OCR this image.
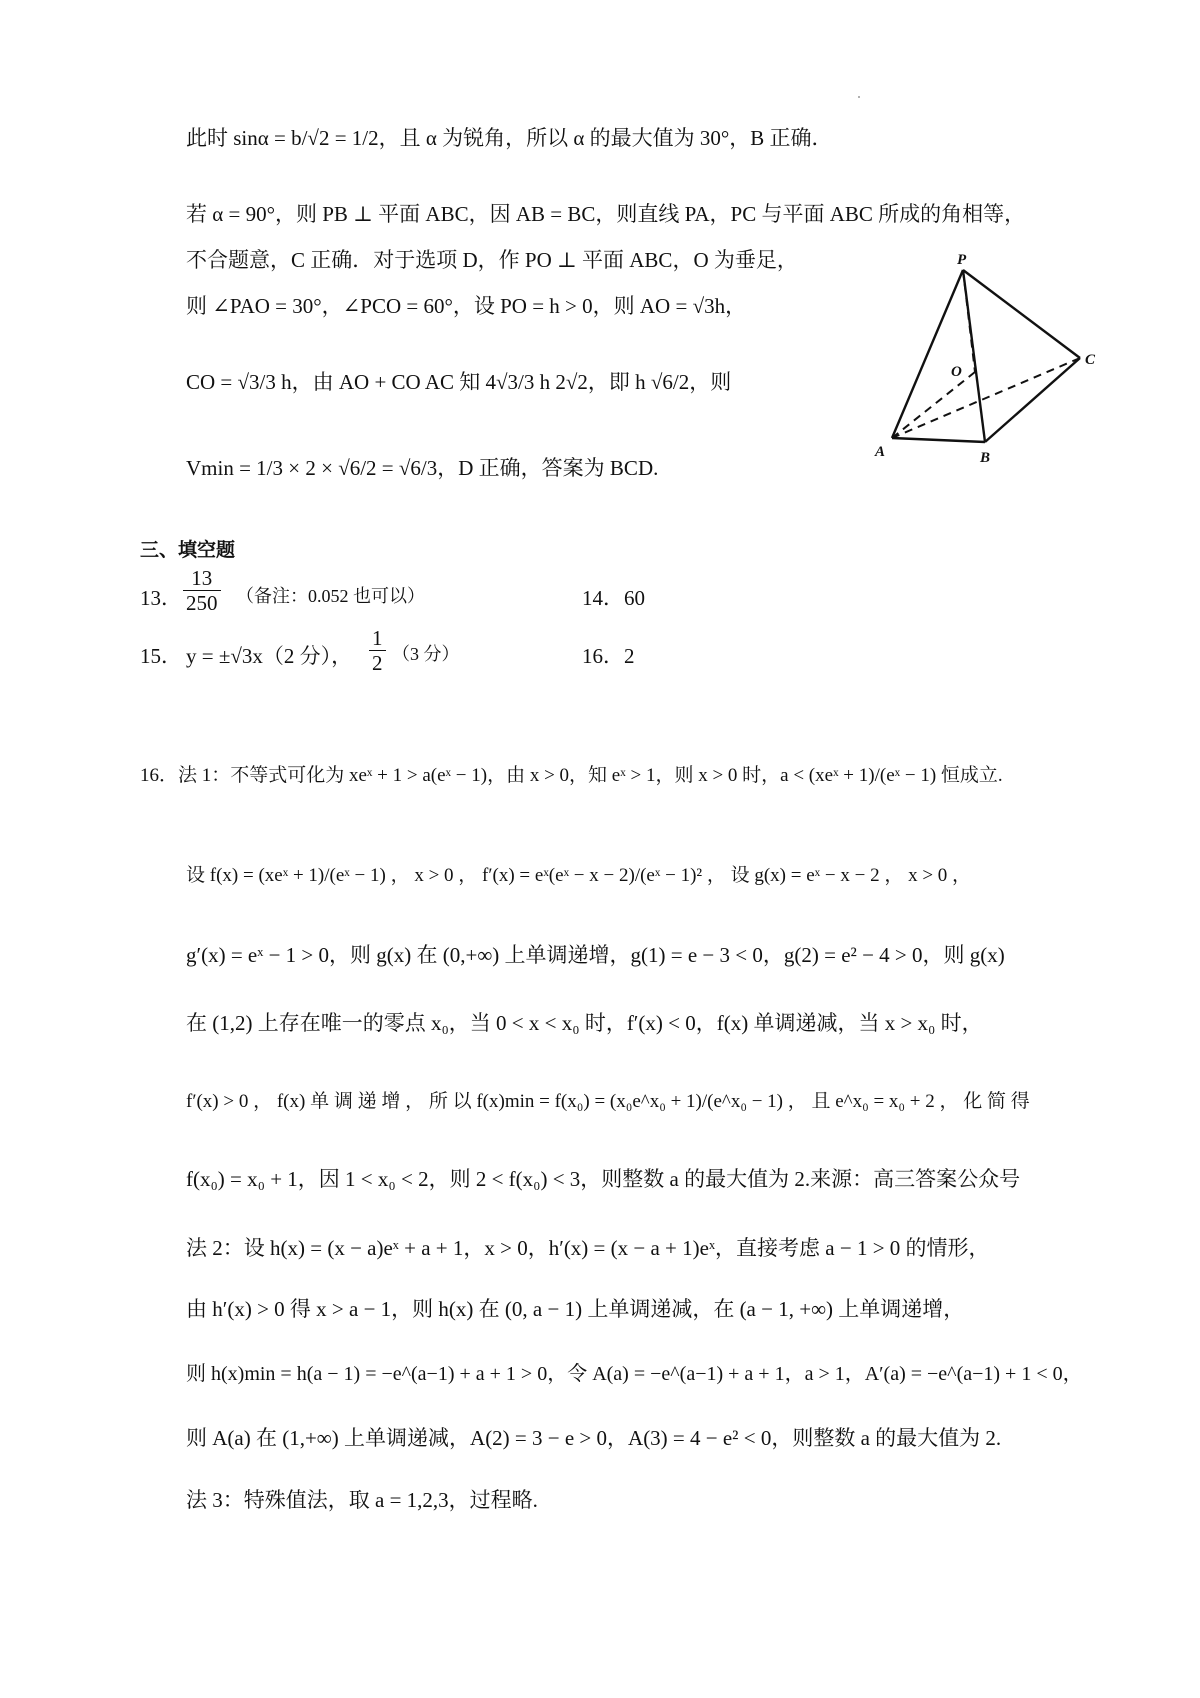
此时 sinα = b/√2 = 1/2，且 α 为锐角，所以 α 的最大值为 30°，B 正确．
若 α = 90°，则 PB ⊥ 平面 ABC，因 AB = BC，则直线 PA，PC 与平面 ABC 所成的角相等，
不合题意，C 正确．对于选项 D，作 PO ⊥ 平面 ABC，O 为垂足，
则 ∠PAO = 30°，∠PCO = 60°，设 PO = h > 0，则 AO = √3h，
CO = √3/3 h，由 AO + CO AC 知 4√3/3 h 2√2，即 h √6/2，则
Vmin = 1/3 × 2 × √6/2 = √6/3，D 正确，答案为 BCD.
P
O
C
A	B
三、填空题
13． $\frac{13}{250}$ （备注：0.052 也可以）	14．60
15． y = ±√3x（2 分）， $\frac{1}{2} (3$ 分）	16．2
16．法 1：不等式可化为 xeˣ + 1 > a(eˣ − 1)，由 x > 0，知 eˣ > 1，则 x > 0 时，a < (xeˣ + 1)/(eˣ − 1) 恒成立.
设 f(x) = (xeˣ + 1)/(eˣ − 1) ， x > 0 ， f′(x) = eˣ(eˣ − x − 2)/(eˣ − 1)² ， 设 g(x) = eˣ − x − 2 ， x > 0 ，
g′(x) = eˣ − 1 > 0，则 g(x) 在 (0,+∞) 上单调递增，g(1) = e − 3 < 0，g(2) = e² − 4 > 0，则 g(x)
在 (1,2) 上存在唯一的零点 x₀，当 0 < x < x₀ 时，f′(x) < 0，f(x) 单调递减，当 x > x₀ 时，
f′(x) > 0 ， f(x) 单 调 递 增 ， 所 以 f(x)min = f(x₀) = (x₀e^x₀ + 1)/(e^x₀ − 1) ， 且 e^x₀ = x₀ + 2 ， 化 简 得
f(x₀) = x₀ + 1，因 1 < x₀ < 2，则 2 < f(x₀) < 3，则整数 a 的最大值为 2.来源：高三答案公众号
法 2：设 h(x) = (x − a)eˣ + a + 1，x > 0，h′(x) = (x − a + 1)eˣ，直接考虑 a − 1 > 0 的情形，
由 h′(x) > 0 得 x > a − 1，则 h(x) 在 (0, a − 1) 上单调递减，在 (a − 1, +∞) 上单调递增，
则 h(x)min = h(a − 1) = −e^(a−1) + a + 1 > 0，令 A(a) = −e^(a−1) + a + 1，a > 1，A′(a) = −e^(a−1) + 1 < 0，
则 A(a) 在 (1,+∞) 上单调递减，A(2) = 3 − e > 0，A(3) = 4 − e² < 0，则整数 a 的最大值为 2.
法 3：特殊值法，取 a = 1,2,3，过程略.
